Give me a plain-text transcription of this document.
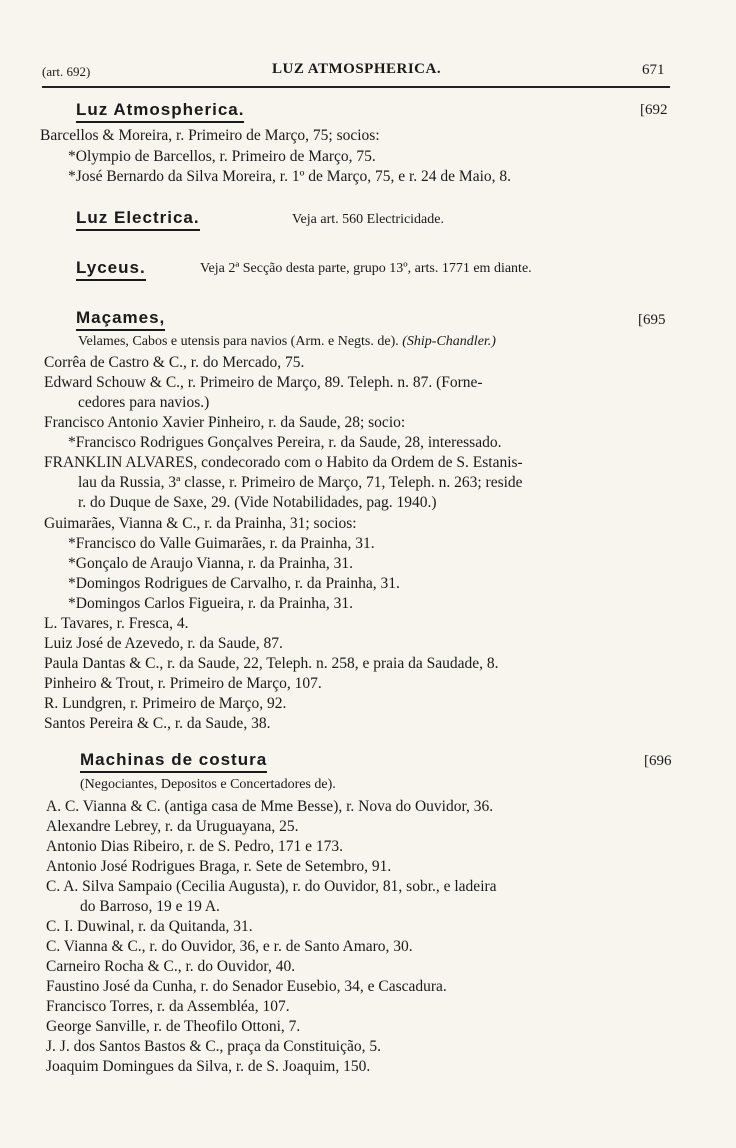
(art. 692)	LUZ ATMOSPHERICA.	671
Luz Atmospherica.	[692
Barcellos & Moreira, r. Primeiro de Março, 75; socios:
*Olympio de Barcellos, r. Primeiro de Março, 75.
*José Bernardo da Silva Moreira, r. 1º de Março, 75, e r. 24 de Maio, 8.
Luz Electrica.	Veja art. 560 Electricidade.
Lyceus.	Veja 2ª Secção desta parte, grupo 13º, arts. 1771 em diante.
Maçames,	[695
Velames, Cabos e utensis para navios (Arm. e Negts. de). (Ship-Chandler.)
Corrêa de Castro & C., r. do Mercado, 75.
Edward Schouw & C., r. Primeiro de Março, 89. Teleph. n. 87. (Forne-
cedores para navios.)
Francisco Antonio Xavier Pinheiro, r. da Saude, 28; socio:
*Francisco Rodrigues Gonçalves Pereira, r. da Saude, 28, interessado.
FRANKLIN ALVARES, condecorado com o Habito da Ordem de S. Estanis-
lau da Russia, 3ª classe, r. Primeiro de Março, 71, Teleph. n. 263; reside
r. do Duque de Saxe, 29. (Vide Notabilidades, pag. 1940.)
Guimarães, Vianna & C., r. da Prainha, 31; socios:
*Francisco do Valle Guimarães, r. da Prainha, 31.
*Gonçalo de Araujo Vianna, r. da Prainha, 31.
*Domingos Rodrigues de Carvalho, r. da Prainha, 31.
*Domingos Carlos Figueira, r. da Prainha, 31.
L. Tavares, r. Fresca, 4.
Luiz José de Azevedo, r. da Saude, 87.
Paula Dantas & C., r. da Saude, 22, Teleph. n. 258, e praia da Saudade, 8.
Pinheiro & Trout, r. Primeiro de Março, 107.
R. Lundgren, r. Primeiro de Março, 92.
Santos Pereira & C., r. da Saude, 38.
Machinas de costura	[696
(Negociantes, Depositos e Concertadores de).
A. C. Vianna & C. (antiga casa de Mme Besse), r. Nova do Ouvidor, 36.
Alexandre Lebrey, r. da Uruguayana, 25.
Antonio Dias Ribeiro, r. de S. Pedro, 171 e 173.
Antonio José Rodrigues Braga, r. Sete de Setembro, 91.
C. A. Silva Sampaio (Cecilia Augusta), r. do Ouvidor, 81, sobr., e ladeira
do Barroso, 19 e 19 A.
C. I. Duwinal, r. da Quitanda, 31.
C. Vianna & C., r. do Ouvidor, 36, e r. de Santo Amaro, 30.
Carneiro Rocha & C., r. do Ouvidor, 40.
Faustino José da Cunha, r. do Senador Eusebio, 34, e Cascadura.
Francisco Torres, r. da Assembléa, 107.
George Sanville, r. de Theofilo Ottoni, 7.
J. J. dos Santos Bastos & C., praça da Constituição, 5.
Joaquim Domingues da Silva, r. de S. Joaquim, 150.
